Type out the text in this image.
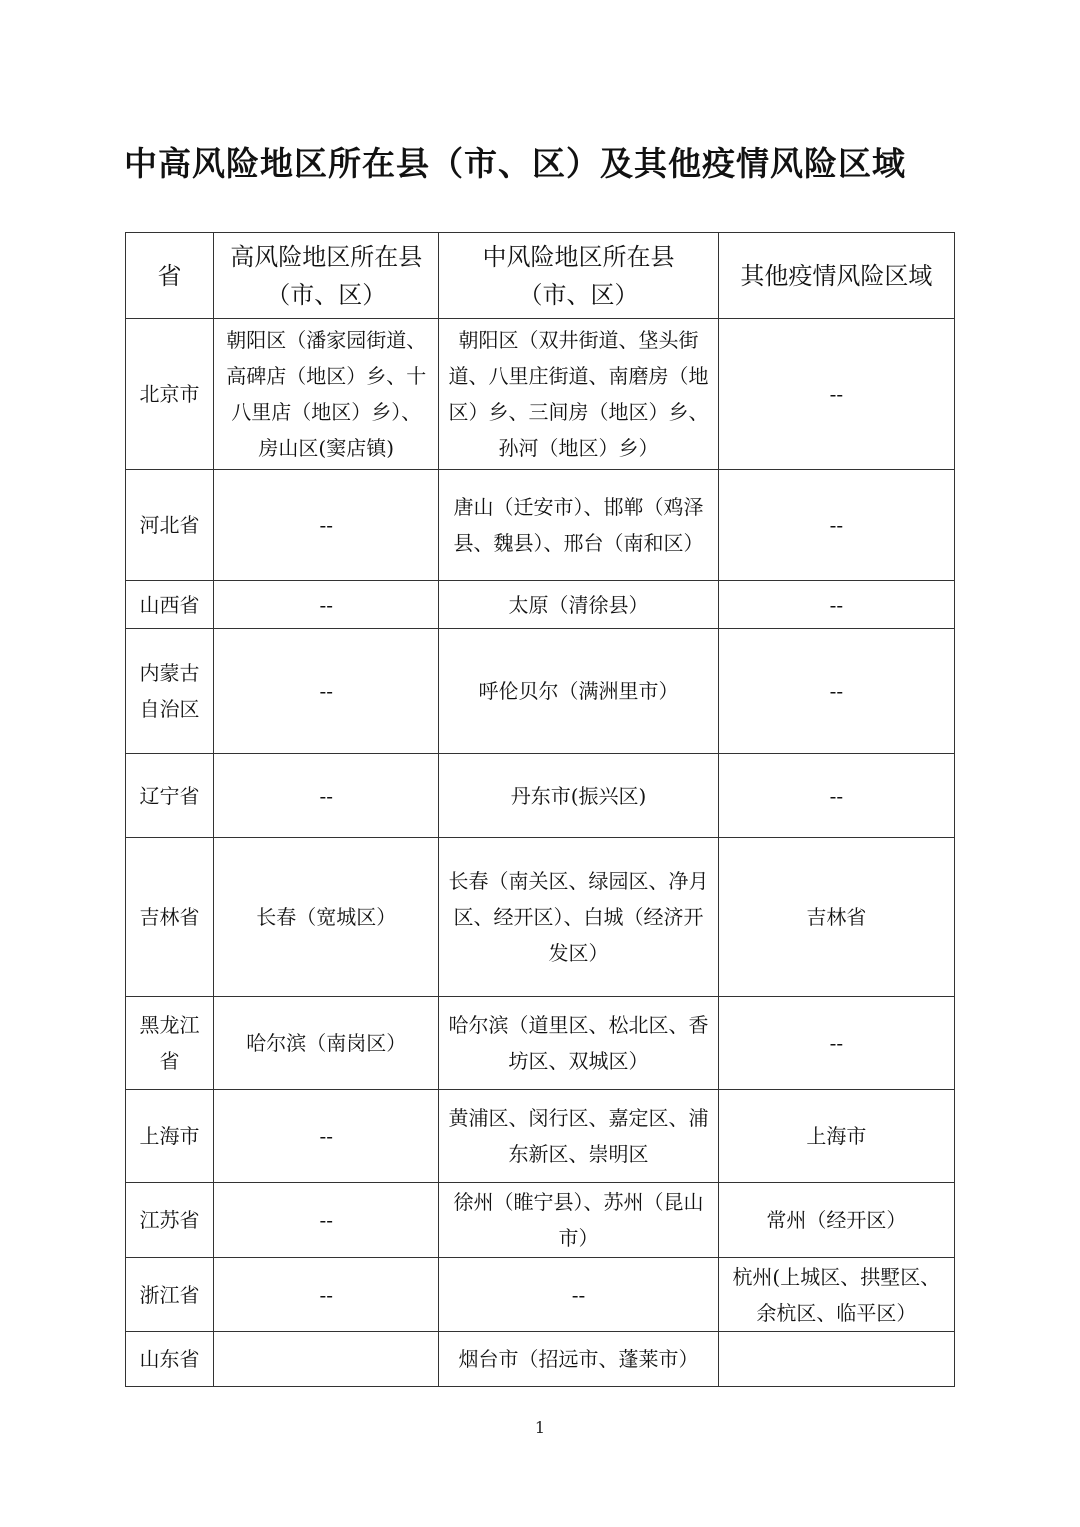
中高风险地区所在县（市、区）及其他疫情风险区域
省	高风险地区所在县（市、区）	中风险地区所在县（市、区）	其他疫情风险区域
北京市	朝阳区（潘家园街道、高碑店（地区）乡、十八里店（地区）乡）、房山区(窦店镇)	朝阳区（双井街道、垡头街道、八里庄街道、南磨房（地区）乡、三间房（地区）乡、孙河（地区）乡）	--
河北省	--	唐山（迁安市）、邯郸（鸡泽县、魏县）、邢台（南和区）	--
山西省	--	太原（清徐县）	--
内蒙古自治区	--	呼伦贝尔（满洲里市）	--
辽宁省	--	丹东市(振兴区)	--
吉林省	长春（宽城区）	长春（南关区、绿园区、净月区、经开区）、白城（经济开发区）	吉林省
黑龙江省	哈尔滨（南岗区）	哈尔滨（道里区、松北区、香坊区、双城区）	--
上海市	--	黄浦区、闵行区、嘉定区、浦东新区、崇明区	上海市
江苏省	--	徐州（睢宁县）、苏州（昆山市）	常州（经开区）
浙江省	--	--	杭州(上城区、拱墅区、余杭区、临平区）
山东省		烟台市（招远市、蓬莱市）	
1
